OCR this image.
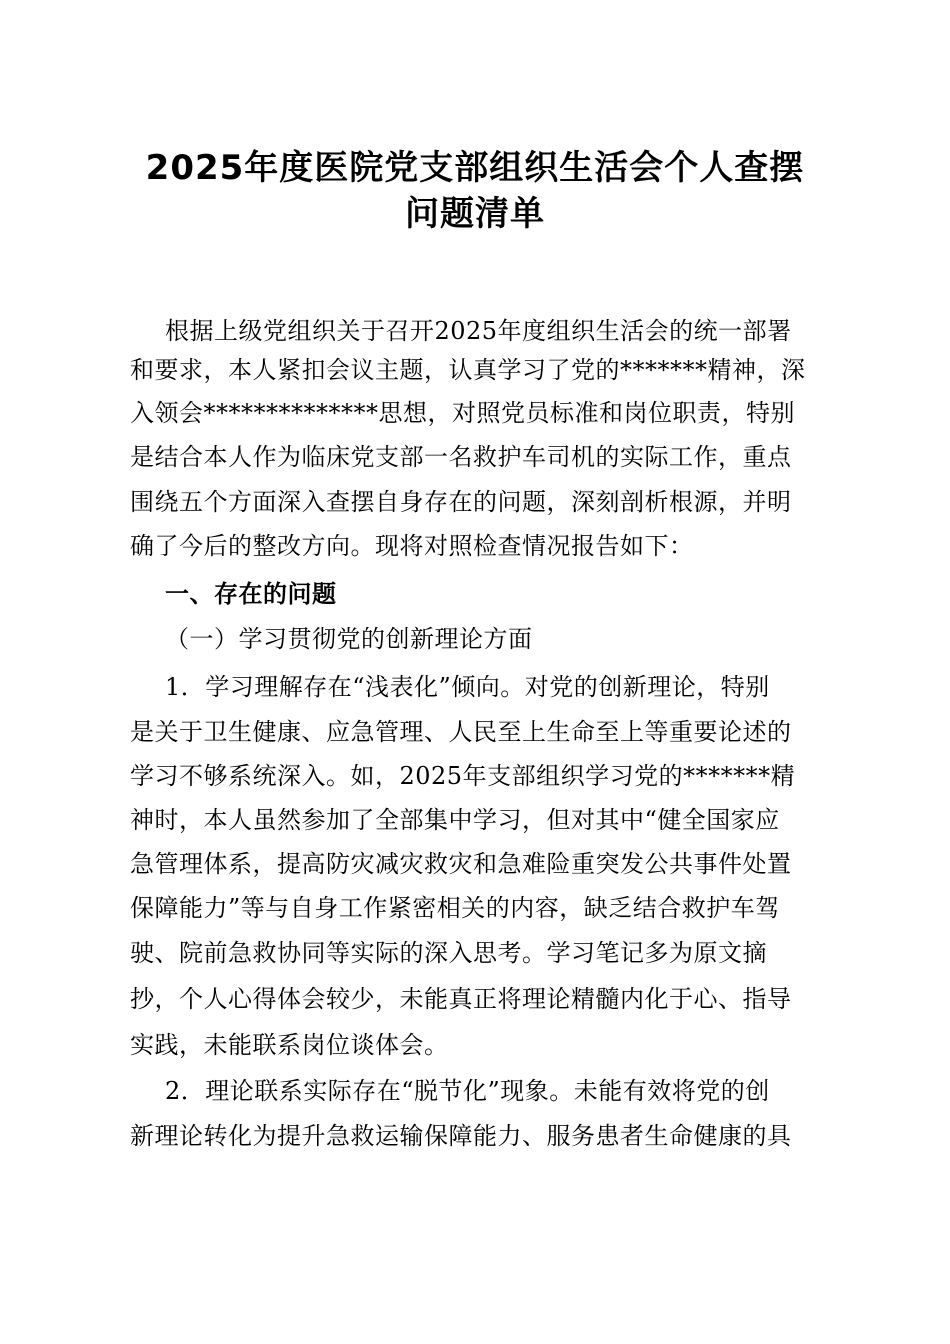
2025年度医院党支部组织生活会个人查摆
问题清单
根据上级党组织关于召开2025年度组织生活会的统一部署
和要求，本人紧扣会议主题，认真学习了党的*******精神，深
入领会**************思想，对照党员标准和岗位职责，特别
是结合本人作为临床党支部一名救护车司机的实际工作，重点
围绕五个方面深入查摆自身存在的问题，深刻剖析根源，并明
确了今后的整改方向。现将对照检查情况报告如下：
一、存在的问题
（一）学习贯彻党的创新理论方面
1．学习理解存在“浅表化”倾向。对党的创新理论，特别
是关于卫生健康、应急管理、人民至上生命至上等重要论述的
学习不够系统深入。如，2025年支部组织学习党的*******精
神时，本人虽然参加了全部集中学习，但对其中“健全国家应
急管理体系，提高防灾减灾救灾和急难险重突发公共事件处置
保障能力”等与自身工作紧密相关的内容，缺乏结合救护车驾
驶、院前急救协同等实际的深入思考。学习笔记多为原文摘
抄，个人心得体会较少，未能真正将理论精髓内化于心、指导
实践，未能联系岗位谈体会。
2．理论联系实际存在“脱节化”现象。未能有效将党的创
新理论转化为提升急救运输保障能力、服务患者生命健康的具
